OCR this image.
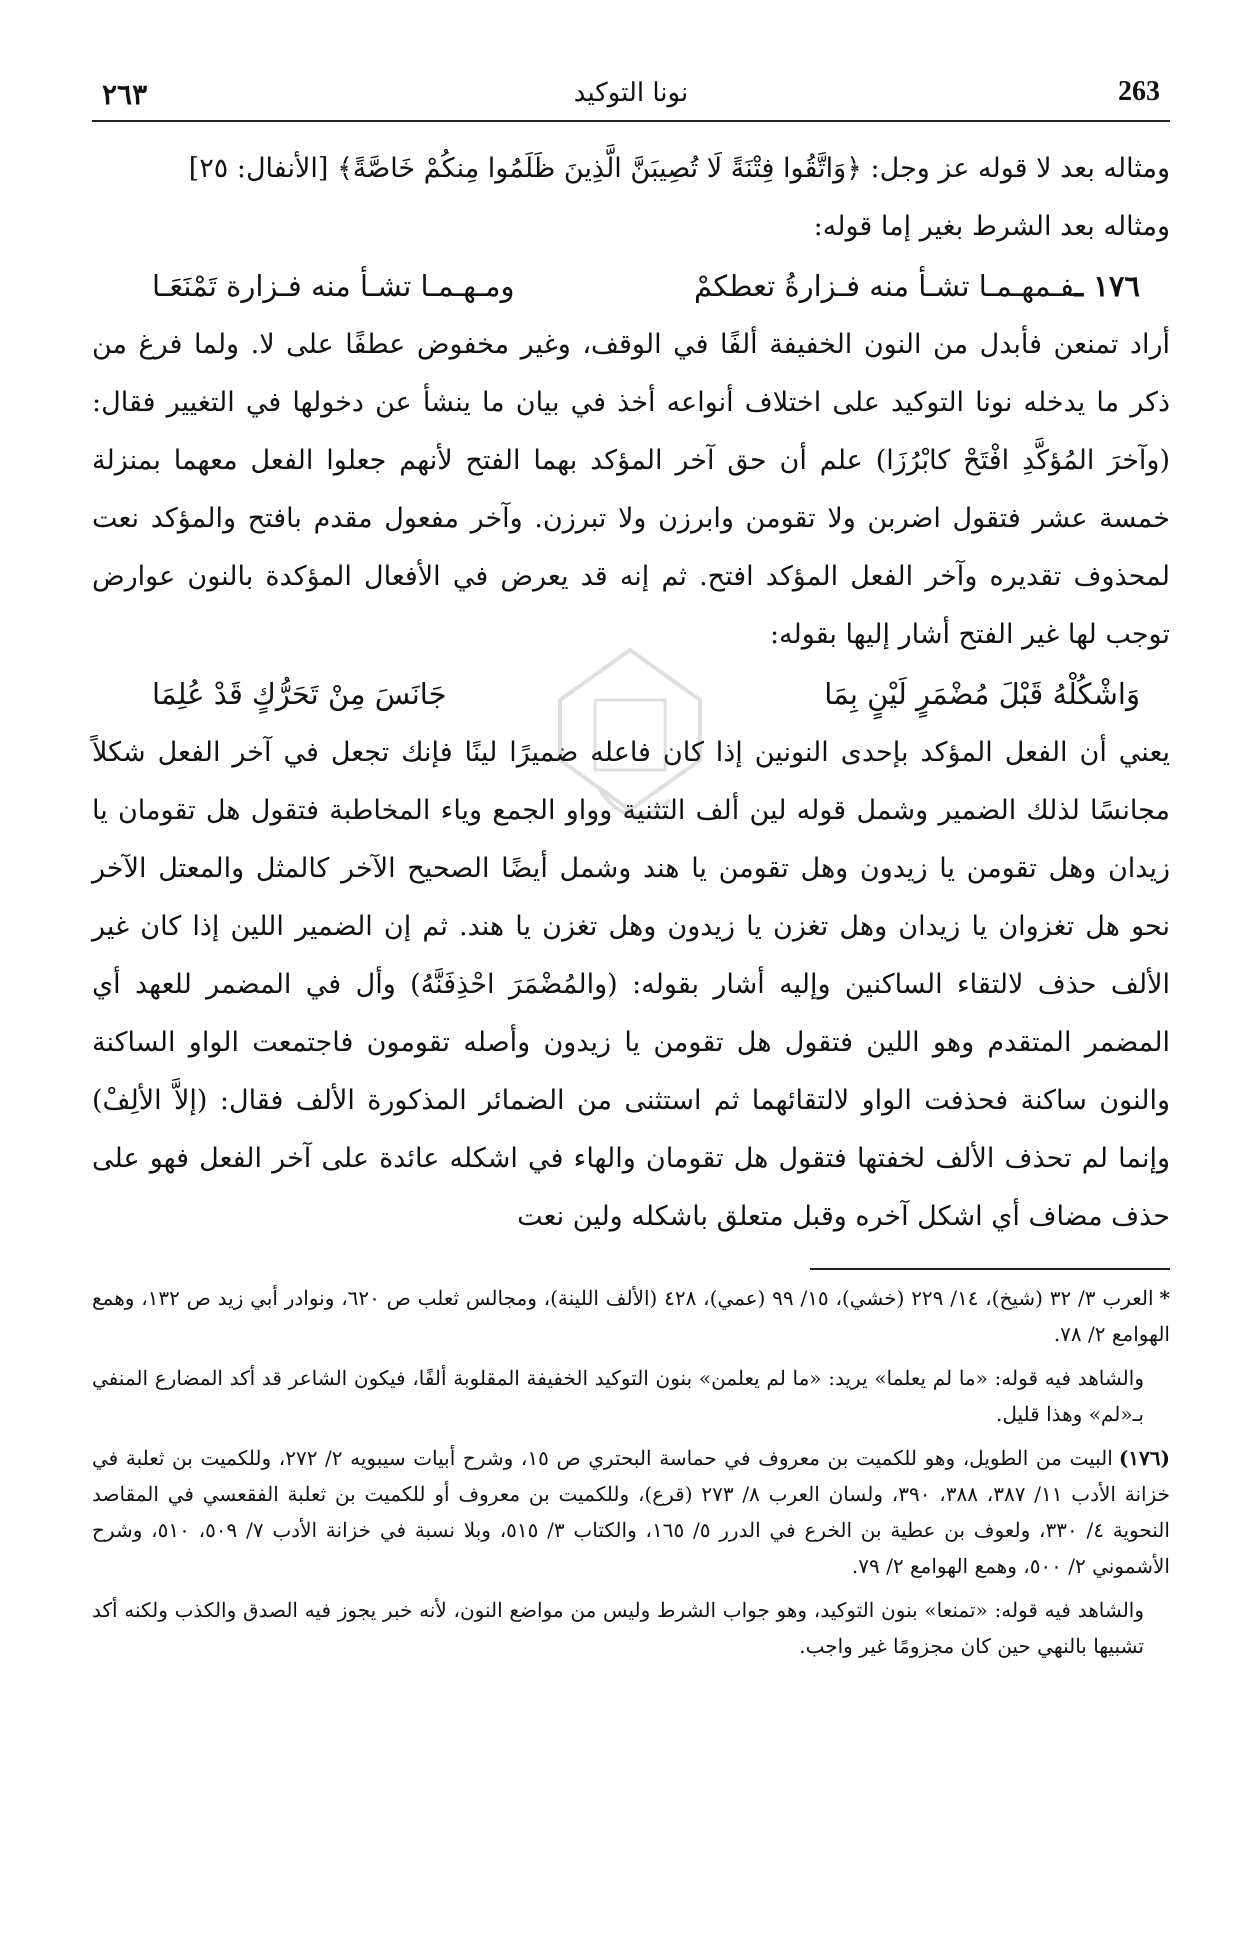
263
نونا التوكيد
٢٦٣

ومثاله بعد لا قوله عز وجل: ﴿وَاتَّقُوا فِتْنَةً لَا تُصِيبَنَّ الَّذِينَ ظَلَمُوا مِنكُمْ خَاصَّةً﴾ [الأنفال: ٢٥]

ومثاله بعد الشرط بغير إما قوله:

١٧٦ ـفـمهـمـا تشـأ منه فـزارةُ تعطكمْ
ومـهـمـا تشـأ منه فـزارة تَمْنَعَـا

أراد تمنعن فأبدل من النون الخفيفة ألفًا في الوقف، وغير مخفوض عطفًا على لا. ولما فرغ من ذكر ما يدخله نونا التوكيد على اختلاف أنواعه أخذ في بيان ما ينشأ عن دخولها في التغيير فقال: (وآخرَ المُؤكَّدِ افْتَحْ كابْرُزَا) علم أن حق آخر المؤكد بهما الفتح لأنهم جعلوا الفعل معهما بمنزلة خمسة عشر فتقول اضربن ولا تقومن وابرزن ولا تبرزن. وآخر مفعول مقدم بافتح والمؤكد نعت لمحذوف تقديره وآخر الفعل المؤكد افتح. ثم إنه قد يعرض في الأفعال المؤكدة بالنون عوارض توجب لها غير الفتح أشار إليها بقوله:

وَاشْكُلْهُ قَبْلَ مُضْمَرٍ لَيْنٍ بِمَا
جَانَسَ مِنْ تَحَرُّكٍ قَدْ عُلِمَا

يعني أن الفعل المؤكد بإحدى النونين إذا كان فاعله ضميرًا لينًا فإنك تجعل في آخر الفعل شكلاً مجانسًا لذلك الضمير وشمل قوله لين ألف التثنية وواو الجمع وياء المخاطبة فتقول هل تقومان يا زيدان وهل تقومن يا زيدون وهل تقومن يا هند وشمل أيضًا الصحيح الآخر كالمثل والمعتل الآخر نحو هل تغزوان يا زيدان وهل تغزن يا زيدون وهل تغزن يا هند. ثم إن الضمير اللين إذا كان غير الألف حذف لالتقاء الساكنين وإليه أشار بقوله: (والمُضْمَرَ احْذِفَنَّهُ) وأل في المضمر للعهد أي المضمر المتقدم وهو اللين فتقول هل تقومن يا زيدون وأصله تقومون فاجتمعت الواو الساكنة والنون ساكنة فحذفت الواو لالتقائهما ثم استثنى من الضمائر المذكورة الألف فقال: (إلاَّ الألِفْ) وإنما لم تحذف الألف لخفتها فتقول هل تقومان والهاء في اشكله عائدة على آخر الفعل فهو على حذف مضاف أي اشكل آخره وقبل متعلق باشكله ولين نعت

*العرب ٣/ ٣٢ (شيخ)، ١٤/ ٢٢٩ (خشي)، ١٥/ ٩٩ (عمي)، ٤٢٨ (الألف اللينة)، ومجالس ثعلب ص ٦٢٠، ونوادر أبي زيد ص ١٣٢، وهمع الهوامع ٢/ ٧٨.

والشاهد فيه قوله: «ما لم يعلما» يريد: «ما لم يعلمن» بنون التوكيد الخفيفة المقلوبة ألفًا، فيكون الشاعر قد أكد المضارع المنفي بـ«لم» وهذا قليل.

(١٧٦)البيت من الطويل، وهو للكميت بن معروف في حماسة البحتري ص ١٥، وشرح أبيات سيبويه ٢/ ٢٧٢، وللكميت بن ثعلبة في خزانة الأدب ١١/ ٣٨٧، ٣٨٨، ٣٩٠، ولسان العرب ٨/ ٢٧٣ (قرع)، وللكميت بن معروف أو للكميت بن ثعلبة الفقعسي في المقاصد النحوية ٤/ ٣٣٠، ولعوف بن عطية بن الخرع في الدرر ٥/ ١٦٥، والكتاب ٣/ ٥١٥، وبلا نسبة في خزانة الأدب ٧/ ٥٠٩، ٥١٠، وشرح الأشموني ٢/ ٥٠٠، وهمع الهوامع ٢/ ٧٩.

والشاهد فيه قوله: «تمنعا» بنون التوكيد، وهو جواب الشرط وليس من مواضع النون، لأنه خبر يجوز فيه الصدق والكذب ولكنه أكد تشبيها بالنهي حين كان مجزومًا غير واجب.
